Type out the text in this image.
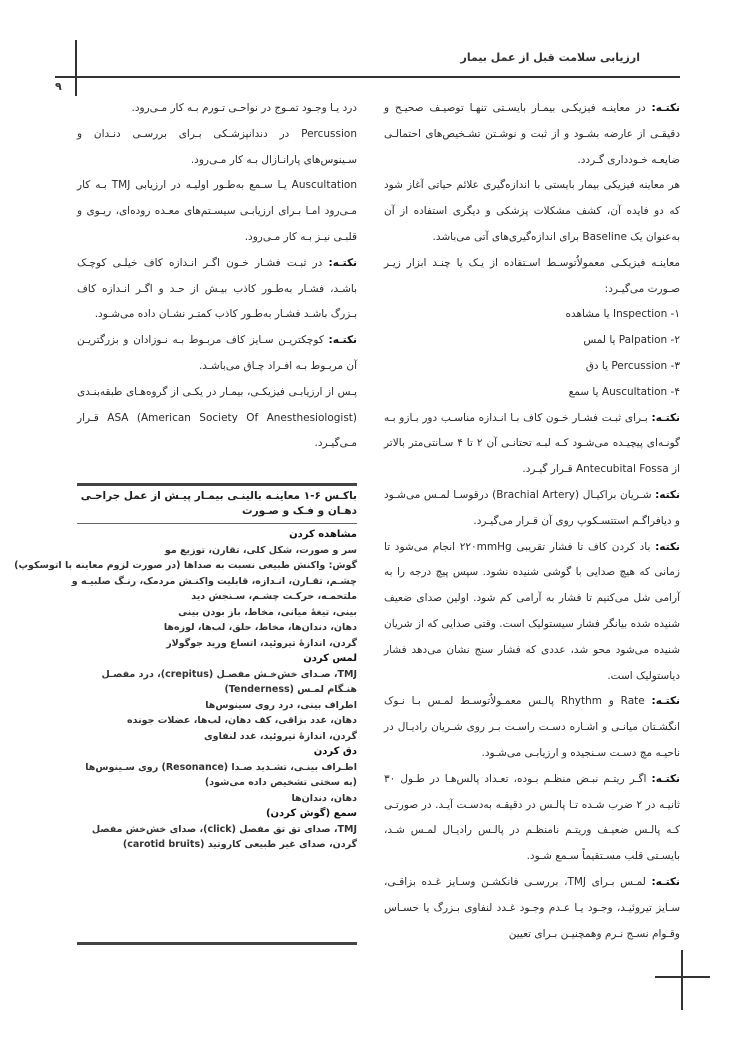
ارزیابی سلامت قبل از عمل بیمار
۹

نکتـه: در معاینـه فیزیکـی بیمـار بایسـتی تنهـا توصیـف صحیـح و دقیقـی از عارضه بشـود و از ثبت و نوشـتن تشـخیص‌های احتمالـی ضایعـه خـودداری گـردد.

هر معاینه فیزیکی بیمار بایستی با اندازه‌گیری علائم حیاتی آغاز شود که دو فایده آن، کشف مشکلات پزشکی و دیگری استفاده از آن به‌عنوان یک Baseline برای اندازه‌گیری‌های آتی می‌باشد.

معاینـه فیزیکـی معمولاُتوسـط اسـتفاده از یـک یا چنـد ابزار زیـر صـورت می‌گیـرد:

۱- Inspection یا مشاهده

۲- Palpation یا لمس

۳- Percussion یا دق

۴- Auscultation یا سمع

نکتـه: بـرای ثبـت فشـار خـون کاف بـا انـدازه مناسـب دور بـازو بـه گونـه‌ای پیچیـده می‌شـود کـه لبـه تحتانـی آن ۲ تا ۴ سـانتی‌متر بالاتر از Antecubital Fossa قـرار گیـرد.

نکته: شـریان براکیـال (Brachial Artery) درقوسـا لمـس می‌شـود و دیافراگـم استتسـکوپ روی آن قـرار می‌گیـرد.

نکته: باد کردن کاف تا فشار تقریبی ۲۲۰mmHg انجام می‌شود تا زمانی که هیچ صدایی با گوشی شنیده نشود. سپس پیچ درجه را به آرامی شل می‌کنیم تا فشار به آرامی کم شود. اولین صدای ضعیف شنیده شده بیانگر فشار سیستولیک است. وقتی صدایی که از شریان شنیده می‌شود محو شد، عددی که فشار سنج نشان می‌دهد فشار دیاستولیک است.

نکتـه: Rate و Rhythm پالـس معمـولاُتوسـط لمـس بـا نـوک انگشـتان میانـی و اشـاره دسـت راسـت بـر روی شـریان رادیـال در ناحیـه مچ دسـت سـنجیده و ارزیابـی می‌شـود.

نکتـه: اگـر ریتـم نبـض منظـم بـوده، تعـداد پالس‌هـا در طـول ۳۰ ثانیـه در ۲ ضرب شـده تـا پالـس در دقیقـه به‌دسـت آیـد. در صورتـی کـه پالـس ضعیـف وریتـم نامنظـم در پالـس رادیـال لمـس شـد، بایسـتی قلب مسـتقیماً سـمع شـود.

نکتـه: لمـس بـرای TMJ، بررسـی فانکشـن وسـایز غـده بزاقـی، سـایز تیروئیـد، وجـود یـا عـدم وجـود غـدد لنفاوی بـزرگ یا حسـاس وقـوام نسـج نـرم وهمچنیـن بـرای تعیین

درد یـا وجـود تمـوج در نواحـی تـورم بـه کار مـی‌رود.

Percussion در دندانپزشـکی بـرای بررسـی دنـدان و سـینوس‌های پارانـازال بـه کار مـی‌رود.

Auscultation یـا سـمع به‌طـور اولیـه در ارزیابی TMJ بـه کار مـی‌رود امـا بـرای ارزیابـی سیسـتم‌های معـده روده‌ای، ریـوی و قلبـی نیـز بـه کار مـی‌رود.

نکتـه: در ثبـت فشـار خـون اگـر انـدازه کاف خیلـی کوچـک باشـد، فشـار به‌طـور کاذب بیـش از حـد و اگـر انـدازه کاف بـزرگ باشـد فشـار به‌طـور کاذب کمتـر نشـان داده می‌شـود.

نکتـه: کوچکتریـن سـایز کاف مربـوط بـه نـوزادان و بزرگتریـن آن مربـوط بـه افـراد چـاق می‌باشـد.

پـس از ارزیابـی فیزیکـی، بیمـار در یکـی از گروه‌هـای طبقه‌بنـدی ASA (American Society Of Anesthesiologist) قـرار مـی‌گیـرد.

باکـس ۶-۱ معاینـه بالینـی بیمـار پیـش از عمل جراحـی دهـان و فـک و صـورت
مشاهده کردن
سر و صورت، شکل کلی، تقارن، توزیع مو
گوش: واکنش طبیعی نسبت به صداها (در صورت لزوم معاینه با اتوسکوپ)
چشـم، تقـارن، انـدازه، قابلیت واکنـش مردمک، رنـگ صلبیـه و
ملتحمـه، حرکـت چشـم، سـنجش دید
بینی، تیغهٔ میانی، مخاط، باز بودن بینی
دهان، دندان‌ها، مخاط، حلق، لب‌ها، لوزه‌ها
گردن، اندازهٔ تیروئید، اتساع ورید جوگولار
لمس کردن
TMJ، صـدای خش‌خـش مفصـل (crepitus)، درد مفصـل
هنـگام لمـس (Tenderness)
اطراف بینی، درد روی سینوس‌ها
دهان، غدد بزاقی، کف دهان، لب‌ها، عضلات جونده
گردن، اندازهٔ تیروئید، غدد لنفاوی
دق کردن
اطـراف بینـی، تشـدید صـدا (Resonance) روی سـینوس‌ها
(به سختی تشخیص داده می‌شود)
دهان، دندان‌ها
سمع (گوش کردن)
TMJ، صدای تق تق مفصل (click)، صدای خش‌خش مفصل
گردن، صدای غیر طبیعی کاروتید (carotid bruits)
